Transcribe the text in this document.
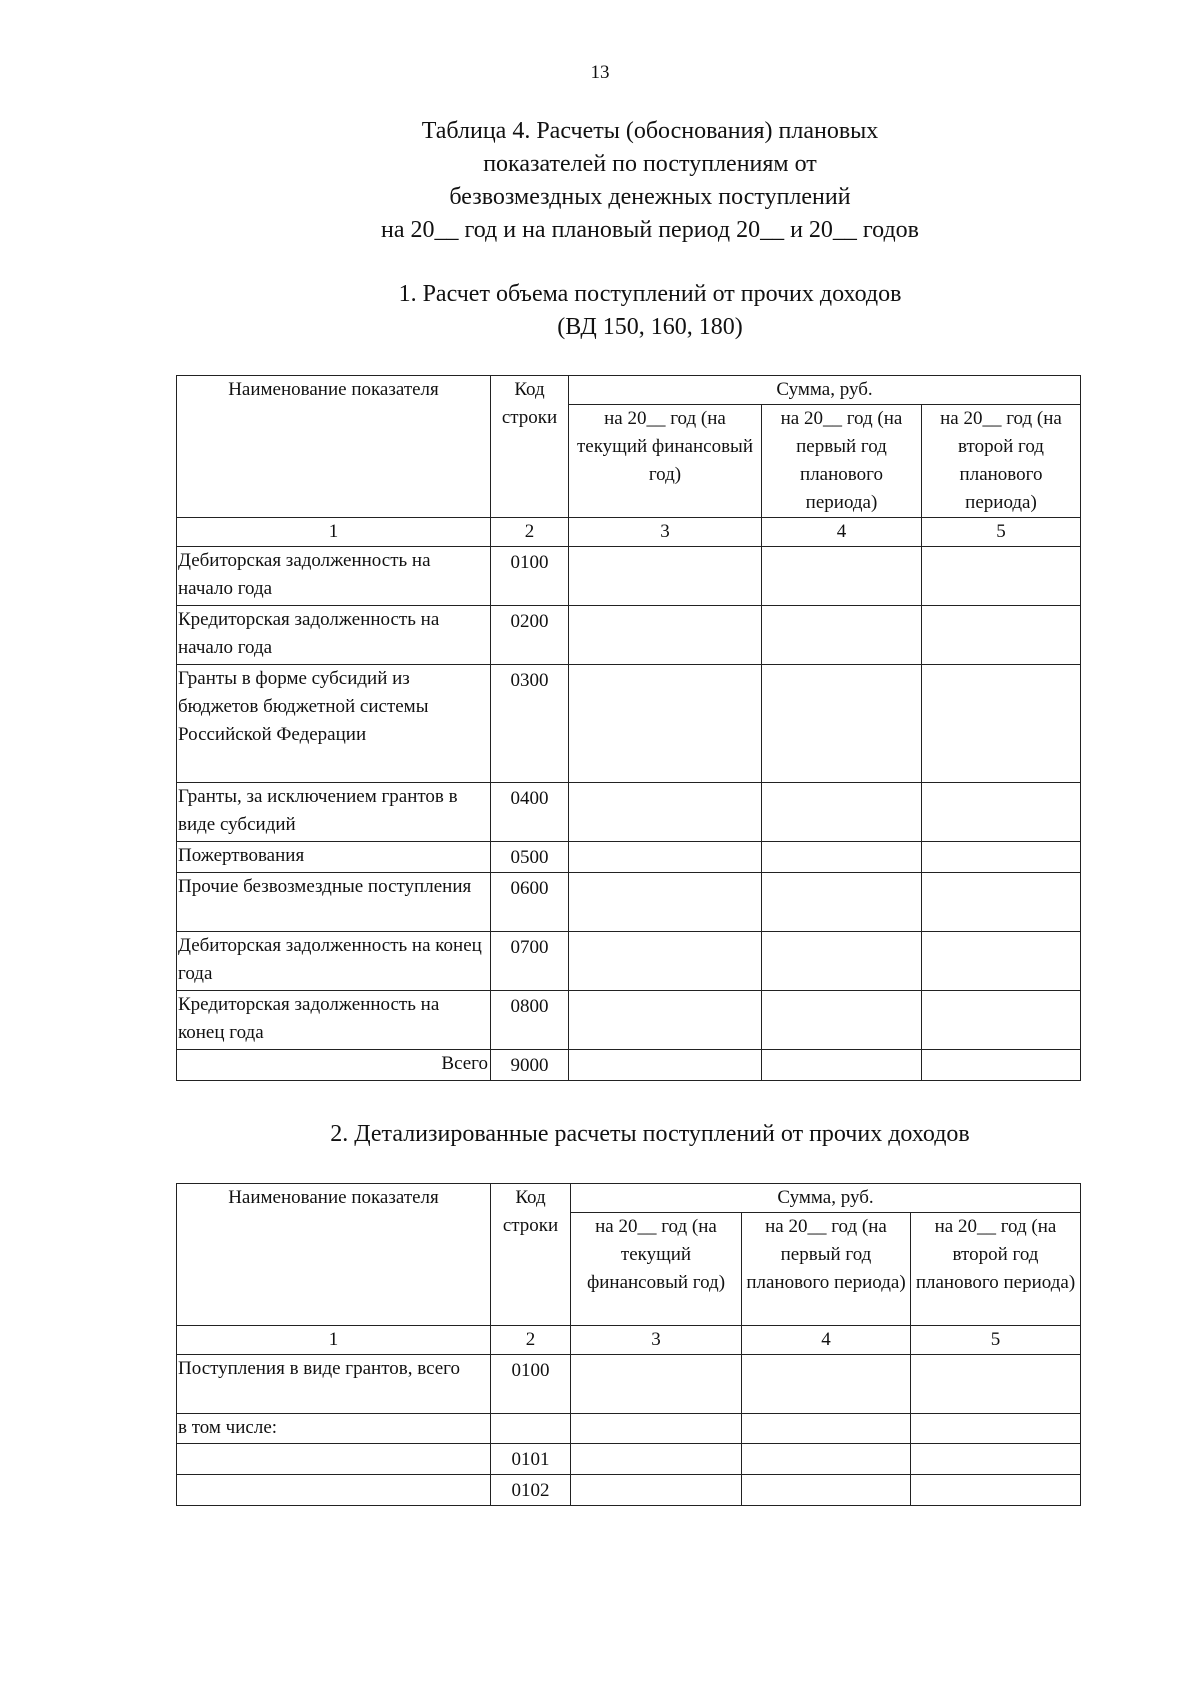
13
Таблица 4. Расчеты (обоснования) плановых
показателей по поступлениям от
безвозмездных денежных поступлений
на 20__ год и на плановый период 20__ и 20__ годов
1. Расчет объема поступлений от прочих доходов
(ВД 150, 160, 180)
Наименование показателя	Код строки	Сумма, руб.		
		на 20__ год (на текущий финансовый год)	на 20__ год (на первый год планового периода)	на 20__ год (на второй год планового периода)
1	2	3	4	5
Дебиторская задолженность на начало года	0100			
Кредиторская задолженность на начало года	0200			
Гранты в форме субсидий из бюджетов бюджетной системы Российской Федерации	0300			
Гранты, за исключением грантов в виде субсидий	0400			
Пожертвования	0500			
Прочие безвозмездные поступления	0600			
Дебиторская задолженность на конец года	0700			
Кредиторская задолженность на конец года	0800			
Всего	9000			
2. Детализированные расчеты поступлений от прочих доходов
Наименование показателя	Код строки	Сумма, руб.		
		на 20__ год (на текущий финансовый год)	на 20__ год (на первый год планового периода)	на 20__ год (на второй год планового периода)
1	2	3	4	5
Поступления в виде грантов, всего	0100			
в том числе:				
	0101			
	0102			
